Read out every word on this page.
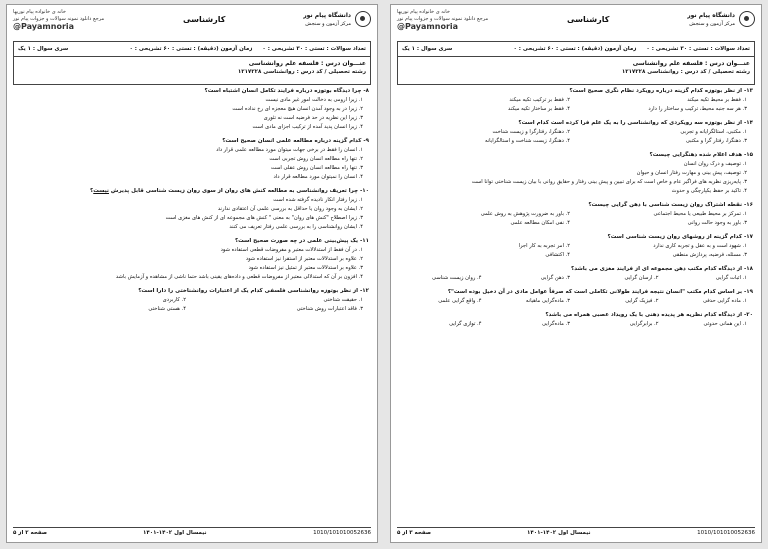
خانه ی خانواده پیام نوریها
مرجع دانلود نمونه سوالات و جزوات پیام نور
@Payamnoria
کارشناسی	دانشگاه پیام نور
مرکز آزمون و سنجش
تعداد سوالات : تستی : ۳۰ تشریحی : ۰
زمان آزمون (دقیقه) : تستی : ۶۰ تشریحی : ۰
سری سوال : ۱ یک
عنـــوان درس : فلسفه علم روانشناسی
رشته تحصیلی / کد درس : روانشناسی ۱۲۱۷۲۲۸
۸- چرا دیدگاه بوتوزه درباره فرایند تکامل انسان اشتباه است؟
۱. زیرا ارومی به دخالت امور غیر مادی نیست
۲. زیرا در به وجود آمدن انسان هیچ معجزه ای رخ نداده است
۳. زیرا این نظریه در حد فرضیه است نه تئوری
۴. زیرا انسان پدید آمده از ترکیب اجزای مادی است
۹- کدام گزینه درباره مطالعه علمی انسان صحیح است؟
۱. انسان را فقط در برخی جهات میتوان مورد مطالعه علمی قرار داد
۲. تنها راه مطالعه انسان روش تجربی است
۳. تنها راه مطالعه انسان روش عقلی است
۴. انسان را نمیتوان مورد مطالعه قرار داد
۱۰- چرا تعریف روانشناسی به مطالعه کنش های روان از سوی روان زیست شناسی قابل پذیرش نیست؟
۱. زیرا رفتار انکار نادیده گرفته شده است
۲. ایشان به وجود روان یا حداقل به بررسی علمی آن اعتقادی ندارند
۳. زیرا اصطلاح "کنش های روان" به معنی " کنش های مجموعه ای از کنش های مغزی است
۴. ایشان روانشناسی را به بررسی علمی رفتار تعریف می کنند
۱۱- یک پیش‌بینی علمی در چه صورت صحیح است؟
۱. در آن فقط از استدلالات معتبر و مفروضات قطعی استفاده شود
۲. علاوه بر استدلالات معتبر از استقرا نیز استفاده شود
۳. علاوه بر استدلالات معتبر از تمثیل نیز استفاده شود
۴. افزون بر آن که استدلالی معتبر از مفروضات قطعی و داده‌های یقینی باشد حتما ناشی از مشاهده و آزمایش باشد
۱۲- از نظر بوتوزه روانشناسی فلسفی کدام یک از اعتبارات روانشناختی را دارا است؟
۱. حقیقت شناختی
۲. کاربردی
۳. فاقد اعتبارات روش شناختی
۴. هستی شناختی
صفحه ۲ از ۵	نیمسال اول ۱۴۰۲-۱۴۰۱	1010/101010052636
خانه ی خانواده پیام نوریها
مرجع دانلود نمونه سوالات و جزوات پیام نور
@Payamnoria
کارشناسی	دانشگاه پیام نور
مرکز آزمون و سنجش
تعداد سوالات : تستی : ۳۰ تشریحی : ۰
زمان آزمون (دقیقه) : تستی : ۶۰ تشریحی : ۰
سری سوال : ۱ یک
عنـــوان درس : فلسفه علم روانشناسی
رشته تحصیلی / کد درس : روانشناسی ۱۲۱۷۲۲۸
۱۳- از نظر بوتوزه کدام گزینه درباره رویکرد نظام نگری صحیح است؟
۱. فقط بر محیط تکیه میکند
۲. فقط بر ترکیب تکیه میکند
۳. هر سه جنبه محیط، ترکیب و ساختار را دارد
۴. فقط بر ساختار تکیه میکند
۱۴- از نظر بوتوزه سه رویکردی که روانشناسی را به یک علم فرا کرده است کدام است؟
۱. مکتبی، استالگرایانه و تجربی
۲. دهنگرا، رفتارگرا و زیست شناخت
۳. ذهنگرا، رفتار گرا و مکتبی
۴. دهنگرا، زیست شناخت و استالگرایانه
۱۵- هدف اعلام شده ذهنگرایی چیست؟
۱. توصیف و درک روان انسان
۲. توصیف، پیش بینی و مهارت رفتار انسان و حیوان
۳. پایه‌ریزی نظریه های فراگیر عام و خاص است که برای تبیین و پیش بینی رفتار و حقایق روانی با بیان زیست شناختی توانا است
۴. تاکید بر حفظ یکپارچگی و حدوث
۱۶- نقطه اشتراک روان زیست شناسی با ذهن گرایی چیست؟
۱. تمرکز بر محیط طبیعی یا محیط اجتماعی
۲. باور به ضرورت پژوهش به روش علمی
۳. باور به وجود حالت روانی
۴. نفی امکان مطالعه علمی
۱۷- کدام گزینه از روشهای روان زیست شناسی است؟
۱. شهود است و به عقل و تجربه کاری ندارد
۲. امر تجربه به کار اجرا
۳. مسئله، فرضیه، پردازش منطقی
۴. اکتشافی
۱۸- از دیدگاه کدام مکتب ذهن مجموعه ای از فرایند مغزی می باشد؟
۱. اثبات گرایی
۲. ارسان گرایی
۳. ذهن گرایی
۴. روان زیست شناسی
۱۹- بر اساس کدام مکتب "انسان نتیجه فرایند طولانی تکاملی است که صرفاً عوامل مادی در آن دخیل بوده است"؟
۱. ماده گرایی حذفی
۲. فیزیک گرایی
۳. ماده‌گرایی ماهیانه
۴. واقع گرایی علمی
۲۰- از دیدگاه کدام نظریه هر پدیده ذهنی با یک رویداد عصبی همراه می باشد؟
۱. این همانی حدوثی
۲. برابرگرایی
۳. ماده‌گرایی
۴. توازی گرایی
صفحه ۳ از ۵	نیمسال اول ۱۴۰۲-۱۴۰۱	1010/101010052636
